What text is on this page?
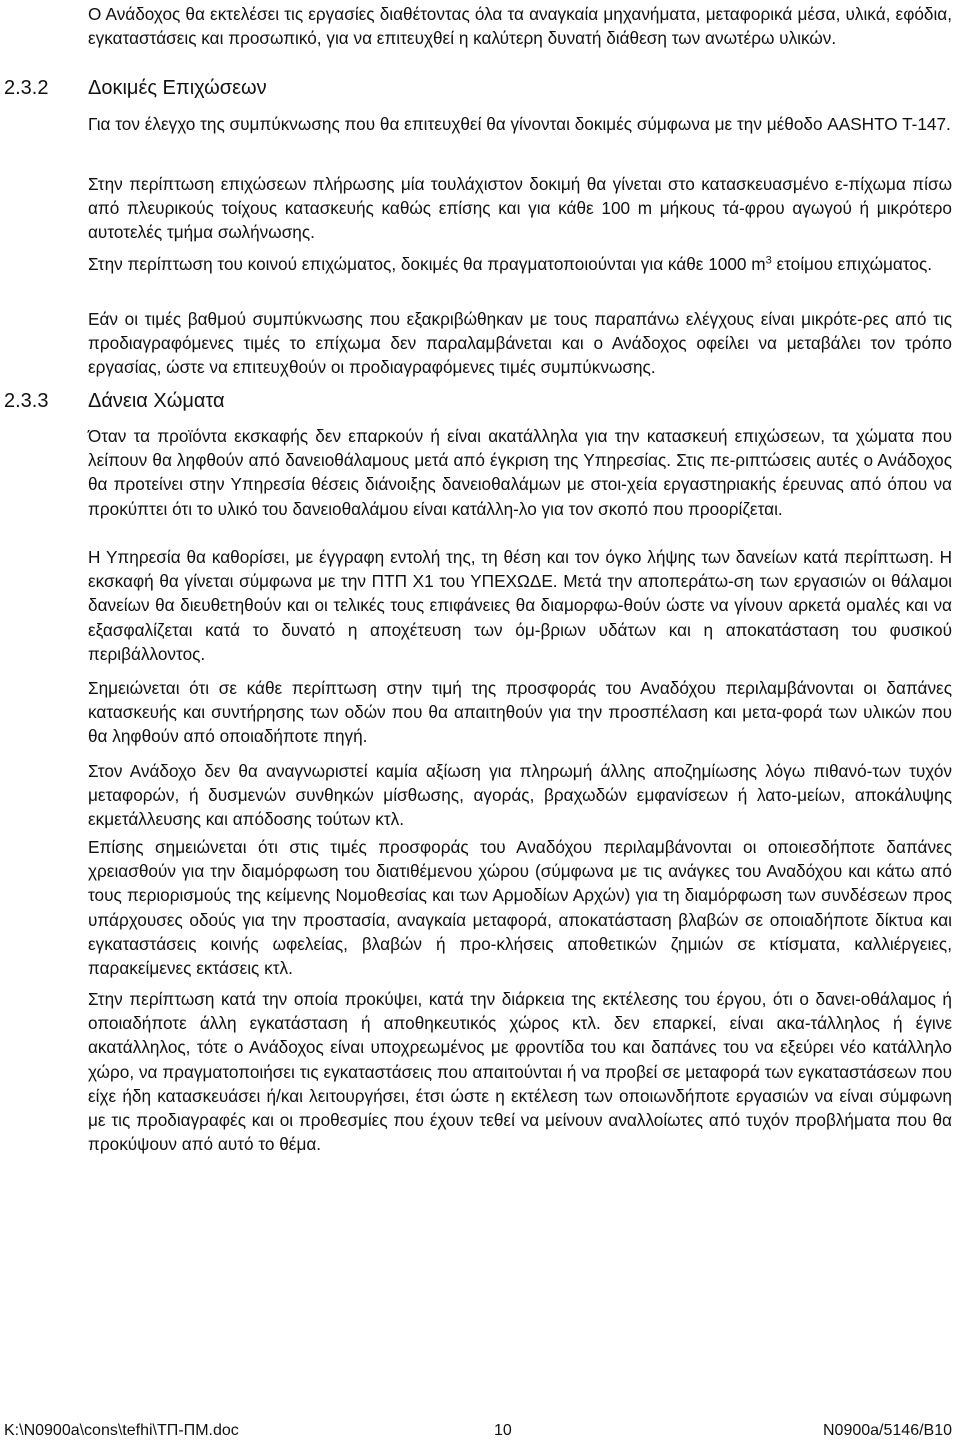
Ο Ανάδοχος θα εκτελέσει τις εργασίες διαθέτοντας όλα τα αναγκαία μηχανήματα, μεταφορικά μέσα, υλικά, εφόδια, εγκαταστάσεις και προσωπικό, για να επιτευχθεί η καλύτερη δυνατή διάθεση των ανωτέρω υλικών.

2.3.2 Δοκιμές Επιχώσεων

Για τον έλεγχο της συμπύκνωσης που θα επιτευχθεί θα γίνονται δοκιμές σύμφωνα με την μέθοδο AASHTO T-147.

Στην περίπτωση επιχώσεων πλήρωσης μία τουλάχιστον δοκιμή θα γίνεται στο κατασκευασμένο ε-πίχωμα πίσω από πλευρικούς τοίχους κατασκευής καθώς επίσης και για κάθε 100 m μήκους τά-φρου αγωγού ή μικρότερο αυτοτελές τμήμα σωλήνωσης.

Στην περίπτωση του κοινού επιχώματος, δοκιμές θα πραγματοποιούνται για κάθε 1000 $m^3$ ετοίμου επιχώματος.

Εάν οι τιμές βαθμού συμπύκνωσης που εξακριβώθηκαν με τους παραπάνω ελέγχους είναι μικρότε-ρες από τις προδιαγραφόμενες τιμές το επίχωμα δεν παραλαμβάνεται και ο Ανάδοχος οφείλει να μεταβάλει τον τρόπο εργασίας, ώστε να επιτευχθούν οι προδιαγραφόμενες τιμές συμπύκνωσης.

2.3.3 Δάνεια Χώματα

Όταν τα προϊόντα εκσκαφής δεν επαρκούν ή είναι ακατάλληλα για την κατασκευή επιχώσεων, τα χώματα που λείπουν θα ληφθούν από δανειοθάλαμους μετά από έγκριση της Υπηρεσίας. Στις πε-ριπτώσεις αυτές ο Ανάδοχος θα προτείνει στην Υπηρεσία θέσεις διάνοιξης δανειοθαλάμων με στοι-χεία εργαστηριακής έρευνας από όπου να προκύπτει ότι το υλικό του δανειοθαλάμου είναι κατάλλη-λο για τον σκοπό που προορίζεται.

Η Υπηρεσία θα καθορίσει, με έγγραφη εντολή της, τη θέση και τον όγκο λήψης των δανείων κατά περίπτωση. Η εκσκαφή θα γίνεται σύμφωνα με την ΠΤΠ Χ1 του ΥΠΕΧΩΔΕ. Μετά την αποπεράτω-ση των εργασιών οι θάλαμοι δανείων θα διευθετηθούν και οι τελικές τους επιφάνειες θα διαμορφω-θούν ώστε να γίνουν αρκετά ομαλές και να εξασφαλίζεται κατά το δυνατό η αποχέτευση των όμ-βριων υδάτων και η αποκατάσταση του φυσικού περιβάλλοντος.

Σημειώνεται ότι σε κάθε περίπτωση στην τιμή της προσφοράς του Αναδόχου περιλαμβάνονται οι δαπάνες κατασκευής και συντήρησης των οδών που θα απαιτηθούν για την προσπέλαση και μετα-φορά των υλικών που θα ληφθούν από οποιαδήποτε πηγή.

Στον Ανάδοχο δεν θα αναγνωριστεί καμία αξίωση για πληρωμή άλλης αποζημίωσης λόγω πιθανό-των τυχόν μεταφορών, ή δυσμενών συνθηκών μίσθωσης, αγοράς, βραχωδών εμφανίσεων ή λατο-μείων, αποκάλυψης εκμετάλλευσης και απόδοσης τούτων κτλ.

Επίσης σημειώνεται ότι στις τιμές προσφοράς του Αναδόχου περιλαμβάνονται οι οποιεσδήποτε δαπάνες χρειασθούν για την διαμόρφωση του διατιθέμενου χώρου (σύμφωνα με τις ανάγκες του Αναδόχου και κάτω από τους περιορισμούς της κείμενης Νομοθεσίας και των Αρμοδίων Αρχών) για τη διαμόρφωση των συνδέσεων προς υπάρχουσες οδούς για την προστασία, αναγκαία μεταφορά, αποκατάσταση βλαβών σε οποιαδήποτε δίκτυα και εγκαταστάσεις κοινής ωφελείας, βλαβών ή προ-κλήσεις αποθετικών ζημιών σε κτίσματα, καλλιέργειες, παρακείμενες εκτάσεις κτλ.

Στην περίπτωση κατά την οποία προκύψει, κατά την διάρκεια της εκτέλεσης του έργου, ότι ο δανει-οθάλαμος ή οποιαδήποτε άλλη εγκατάσταση ή αποθηκευτικός χώρος κτλ. δεν επαρκεί, είναι ακα-τάλληλος ή έγινε ακατάλληλος, τότε ο Ανάδοχος είναι υποχρεωμένος με φροντίδα του και δαπάνες του να εξεύρει νέο κατάλληλο χώρο, να πραγματοποιήσει τις εγκαταστάσεις που απαιτούνται ή να προβεί σε μεταφορά των εγκαταστάσεων που είχε ήδη κατασκευάσει ή/και λειτουργήσει, έτσι ώστε η εκτέλεση των οποιωνδήποτε εργασιών να είναι σύμφωνη με τις προδιαγραφές και οι προθεσμίες που έχουν τεθεί να μείνουν αναλλοίωτες από τυχόν προβλήματα που θα προκύψουν από αυτό το θέμα.

K:\N0900a\cons\tefhi\ΤΠ-ΠΜ.doc	10	N0900a/5146/B10
